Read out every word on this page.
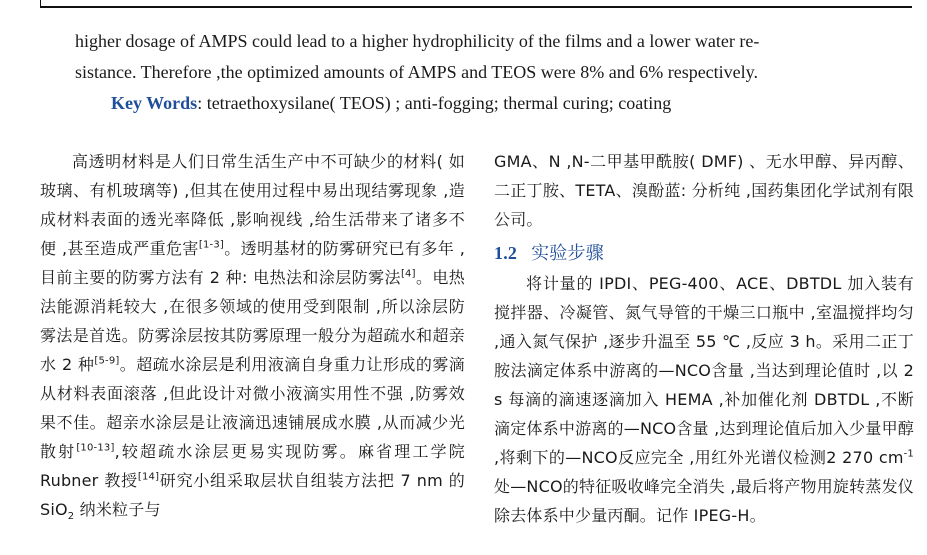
higher dosage of AMPS could lead to a higher hydrophilicity of the films and a lower water re-

sistance. Therefore ,the optimized amounts of AMPS and TEOS were 8% and 6% respectively.

Key Words: tetraethoxysilane( TEOS) ; anti-fogging; thermal curing; coating

高透明材料是人们日常生活生产中不可缺少的材料( 如玻璃、有机玻璃等) ,但其在使用过程中易出现结雾现象 ,造成材料表面的透光率降低 ,影响视线 ,给生活带来了诸多不便 ,甚至造成严重危害[1-3]。透明基材的防雾研究已有多年 ,目前主要的防雾方法有 2 种: 电热法和涂层防雾法[4]。电热法能源消耗较大 ,在很多领域的使用受到限制 ,所以涂层防雾法是首选。防雾涂层按其防雾原理一般分为超疏水和超亲水 2 种[5-9]。超疏水涂层是利用液滴自身重力让形成的雾滴从材料表面滚落 ,但此设计对微小液滴实用性不强 ,防雾效果不佳。超亲水涂层是让液滴迅速铺展成水膜 ,从而减少光散射[10-13],较超疏水涂层更易实现防雾。麻省理工学院 Rubner 教授[14]研究小组采取层状自组装方法把 7 nm 的 SiO$_2$ 纳米粒子与

GMA、N ,N-二甲基甲酰胺( DMF) 、无水甲醇、异丙醇、二正丁胺、TETA、溴酚蓝: 分析纯 ,国药集团化学试剂有限公司。

1.2 实验步骤

将计量的 IPDI、PEG-400、ACE、DBTDL 加入装有搅拌器、冷凝管、氮气导管的干燥三口瓶中 ,室温搅拌均匀 ,通入氮气保护 ,逐步升温至 55 ℃ ,反应 3 h。采用二正丁胺法滴定体系中游离的—NCO含量 ,当达到理论值时 ,以 2 s 每滴的滴速逐滴加入 HEMA ,补加催化剂 DBTDL ,不断滴定体系中游离的—NCO含量 ,达到理论值后加入少量甲醇 ,将剩下的—NCO反应完全 ,用红外光谱仪检测2 270 $cm^{-1}$处—NCO的特征吸收峰完全消失 ,最后将产物用旋转蒸发仪除去体系中少量丙酮。记作 IPEG-H。
